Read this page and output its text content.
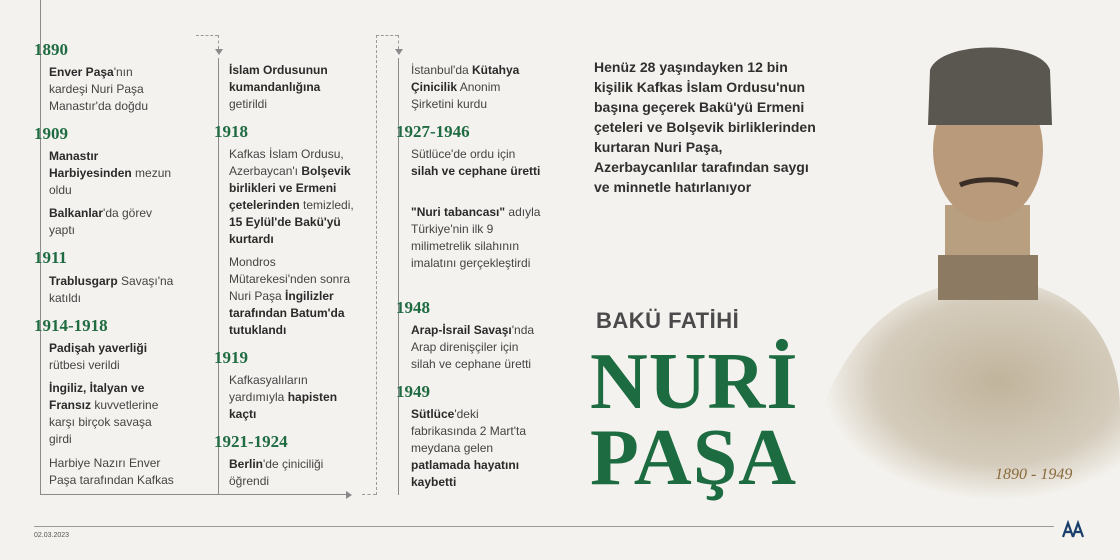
1890
Enver Paşa'nın kardeşi Nuri Paşa Manastır'da doğdu
1909
Manastır Harbiyesinden mezun oldu
Balkanlar'da görev yaptı
1911
Trablusgarp Savaşı'na katıldı
1914-1918
Padişah yaverliği rütbesi verildi
İngiliz, İtalyan ve Fransız kuvvetlerine karşı birçok savaşa girdi
Harbiye Nazırı Enver Paşa tarafından Kafkas
İslam Ordusunun kumandanlığına getirildi
1918
Kafkas İslam Ordusu, Azerbaycan'ı Bolşevik birlikleri ve Ermeni çetelerinden temizledi, 15 Eylül'de Bakü'yü kurtardı
Mondros Mütarekesi'nden sonra Nuri Paşa İngilizler tarafından Batum'da tutuklandı
1919
Kafkasyalıların yardımıyla hapisten kaçtı
1921-1924
Berlin'de çiniciliği öğrendi
İstanbul'da Kütahya Çinicilik Anonim Şirketini kurdu
1927-1946
Sütlüce'de ordu için silah ve cephane üretti
"Nuri tabancası" adıyla Türkiye'nin ilk 9 milimetrelik silahının imalatını gerçekleştirdi
1948
Arap-İsrail Savaşı'nda Arap direnişçiler için silah ve cephane üretti
1949
Sütlüce'deki fabrikasında 2 Mart'ta meydana gelen patlamada hayatını kaybetti
Henüz 28 yaşındayken 12 bin kişilik Kafkas İslam Ordusu'nun başına geçerek Bakü'yü Ermeni çeteleri ve Bolşevik birliklerinden kurtaran Nuri Paşa, Azerbaycanlılar tarafından saygı ve minnetle hatırlanıyor
BAKÜ FATİHİ
NURİ
PAŞA	1890 - 1949
02.03.2023
